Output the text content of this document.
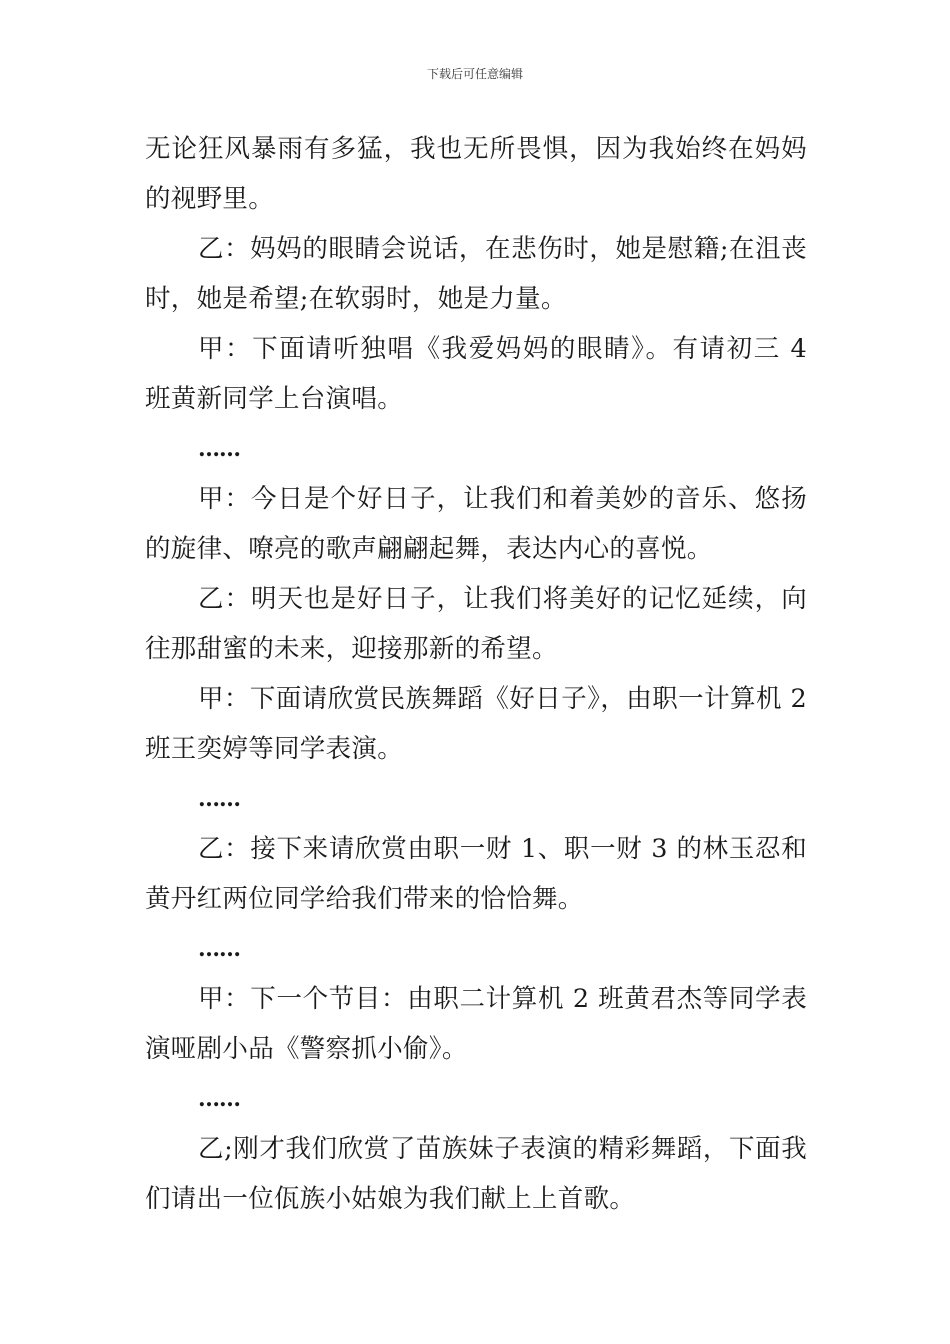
下载后可任意编辑

无论狂风暴雨有多猛，我也无所畏惧，因为我始终在妈妈的视野里。

乙：妈妈的眼睛会说话，在悲伤时，她是慰籍;在沮丧时，她是希望;在软弱时，她是力量。

甲：下面请听独唱《我爱妈妈的眼睛》。有请初三 4 班黄新同学上台演唱。

……

甲：今日是个好日子，让我们和着美妙的音乐、悠扬的旋律、嘹亮的歌声翩翩起舞，表达内心的喜悦。

乙：明天也是好日子，让我们将美好的记忆延续，向往那甜蜜的未来，迎接那新的希望。

甲：下面请欣赏民族舞蹈《好日子》，由职一计算机 2 班王奕婷等同学表演。

……

乙：接下来请欣赏由职一财 1、职一财 3 的林玉忍和黄丹红两位同学给我们带来的恰恰舞。

……

甲：下一个节目：由职二计算机 2 班黄君杰等同学表演哑剧小品《警察抓小偷》。

……

乙;刚才我们欣赏了苗族妹子表演的精彩舞蹈，下面我们请出一位佤族小姑娘为我们献上上首歌。
